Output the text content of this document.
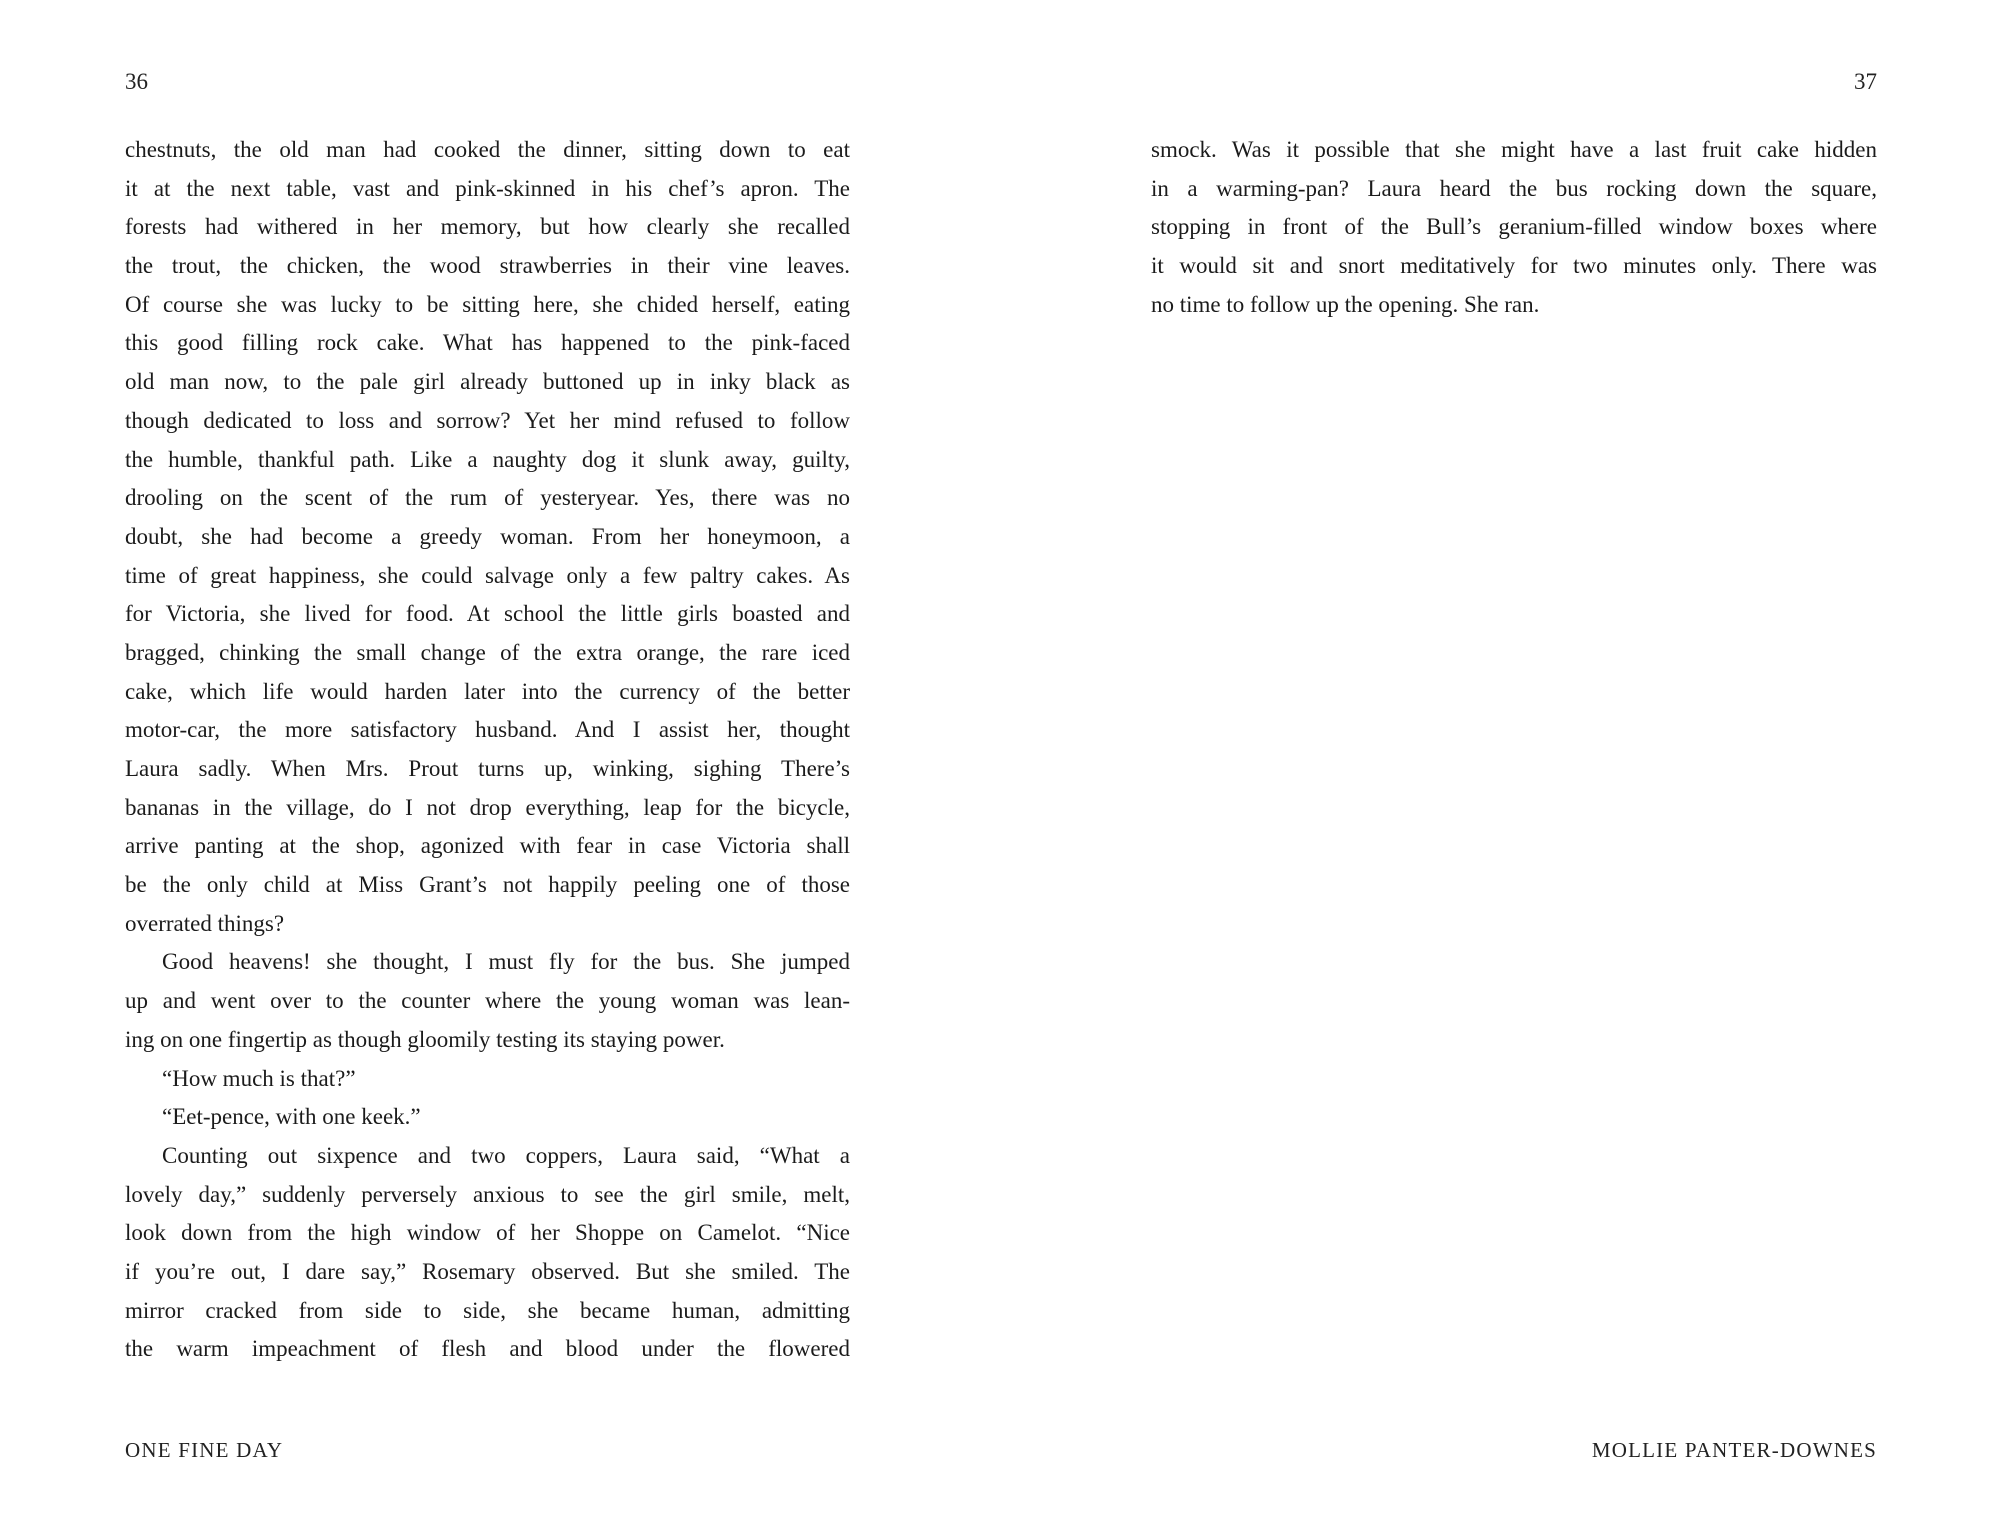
36
chestnuts, the old man had cooked the dinner, sitting down to eat
it at the next table, vast and pink-skinned in his chef’s apron. The
forests had withered in her memory, but how clearly she recalled
the trout, the chicken, the wood strawberries in their vine leaves.
Of course she was lucky to be sitting here, she chided herself, eating
this good filling rock cake. What has happened to the pink-faced
old man now, to the pale girl already buttoned up in inky black as
though dedicated to loss and sorrow? Yet her mind refused to follow
the humble, thankful path. Like a naughty dog it slunk away, guilty,
drooling on the scent of the rum of yesteryear. Yes, there was no
doubt, she had become a greedy woman. From her honeymoon, a
time of great happiness, she could salvage only a few paltry cakes. As
for Victoria, she lived for food. At school the little girls boasted and
bragged, chinking the small change of the extra orange, the rare iced
cake, which life would harden later into the currency of the better
motor-car, the more satisfactory husband. And I assist her, thought
Laura sadly. When Mrs. Prout turns up, winking, sighing There’s
bananas in the village, do I not drop everything, leap for the bicycle,
arrive panting at the shop, agonized with fear in case Victoria shall
be the only child at Miss Grant’s not happily peeling one of those
overrated things?
Good heavens! she thought, I must fly for the bus. She jumped
up and went over to the counter where the young woman was lean-
ing on one fingertip as though gloomily testing its staying power.
“How much is that?”
“Eet-pence, with one keek.”
Counting out sixpence and two coppers, Laura said, “What a
lovely day,” suddenly perversely anxious to see the girl smile, melt,
look down from the high window of her Shoppe on Camelot. “Nice
if you’re out, I dare say,” Rosemary observed. But she smiled. The
mirror cracked from side to side, she became human, admitting
the warm impeachment of flesh and blood under the flowered
ONE FINE DAY
37
smock. Was it possible that she might have a last fruit cake hidden
in a warming-pan? Laura heard the bus rocking down the square,
stopping in front of the Bull’s geranium-filled window boxes where
it would sit and snort meditatively for two minutes only. There was
no time to follow up the opening. She ran.
MOLLIE PANTER-DOWNES
